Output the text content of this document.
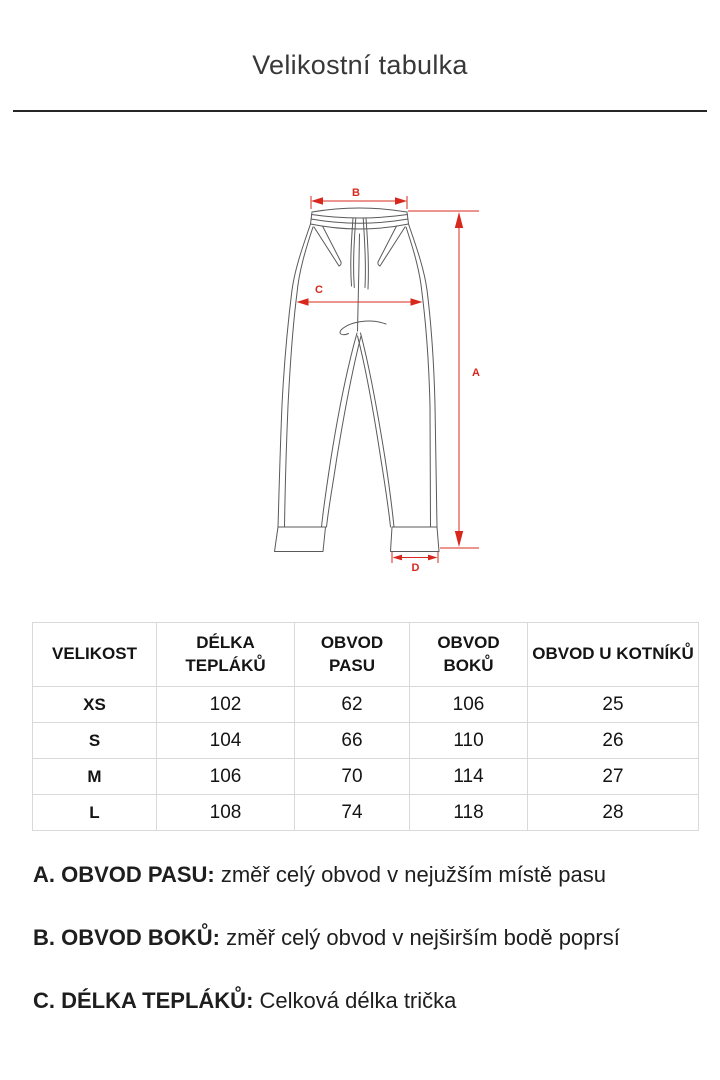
Velikostní tabulka
B
A
C
D
VELIKOST	DÉLKA TEPLÁKŮ	OBVOD PASU	OBVOD BOKŮ	OBVOD U KOTNÍKŮ
XS	102	62	106	25
S	104	66	110	26
M	106	70	114	27
L	108	74	118	28
A. OBVOD PASU: změř celý obvod v nejužším místě pasu
B. OBVOD BOKŮ: změř celý obvod v nejširším bodě poprsí
C. DÉLKA TEPLÁKŮ: Celková délka trička
